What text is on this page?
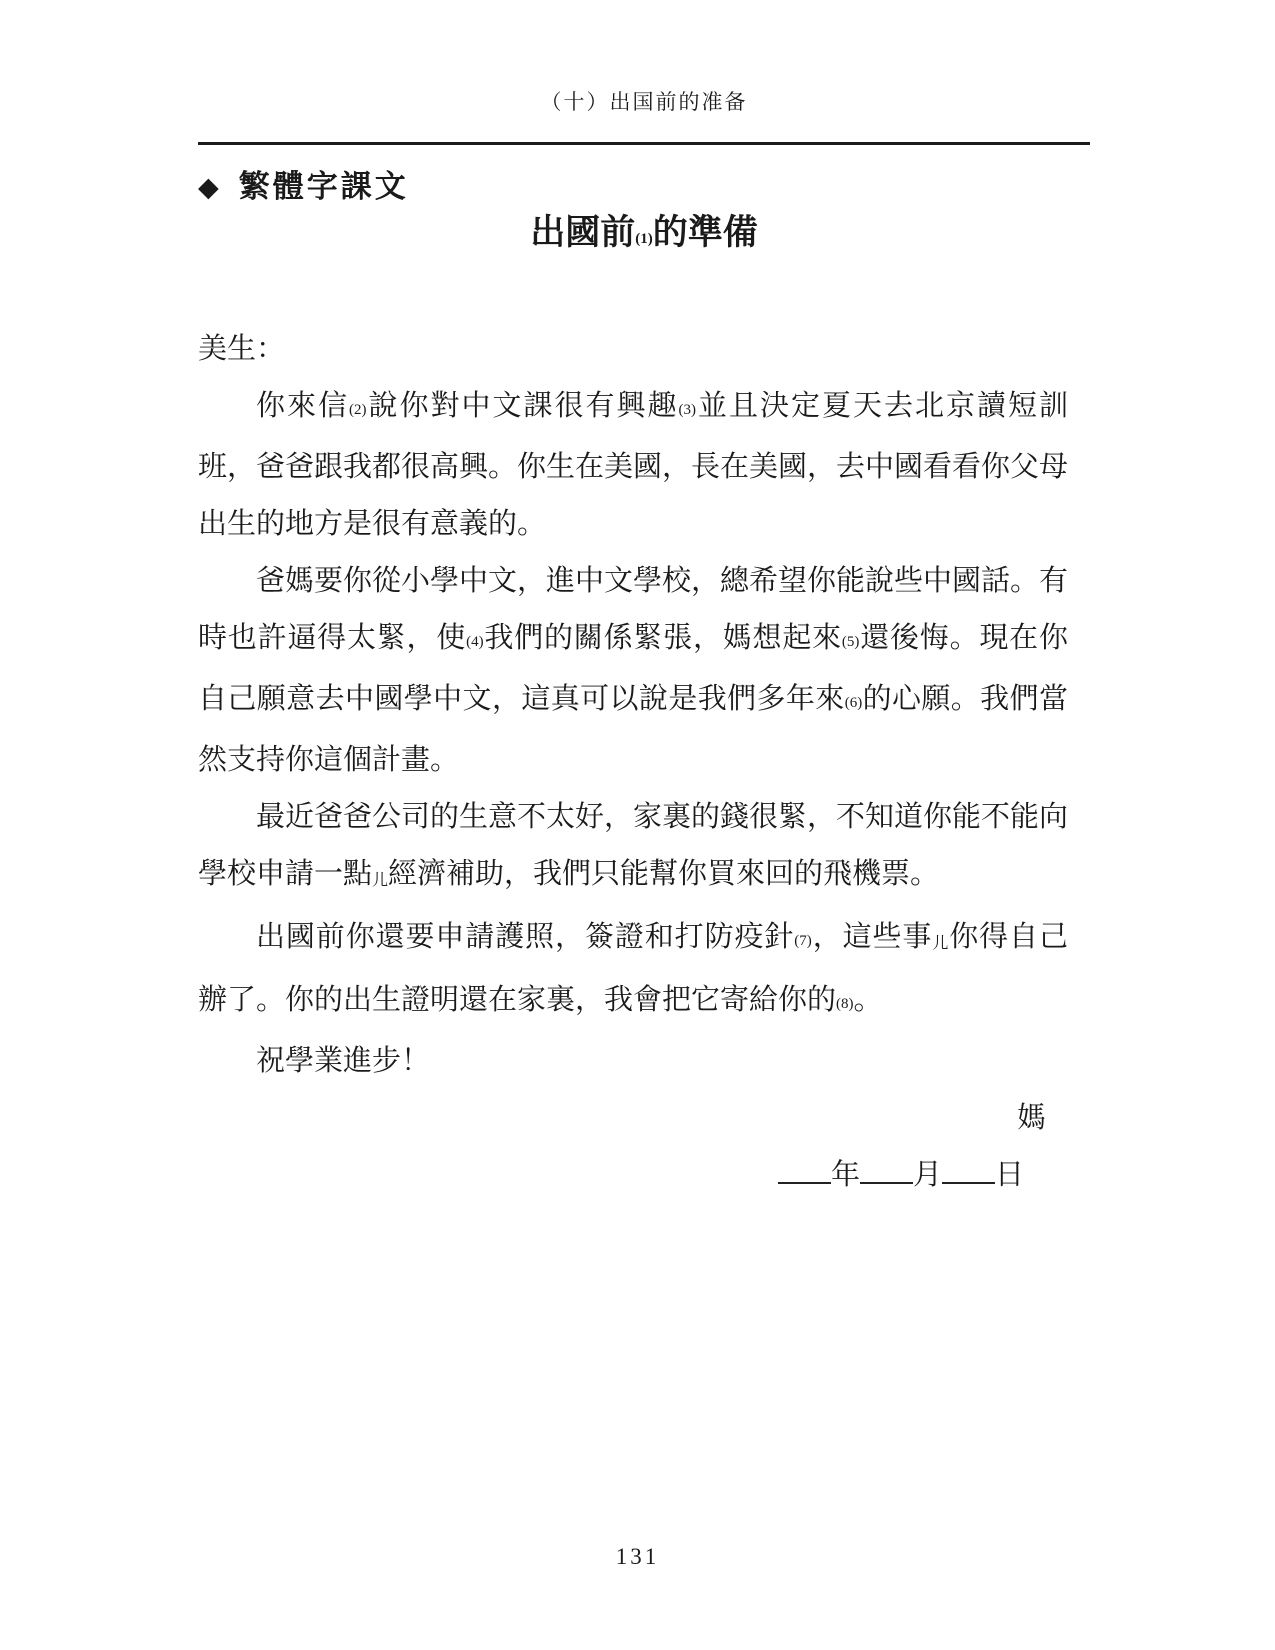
（十）出国前的准备
◆ 繁體字課文
出國前(1)的準備

美生：

你來信(2)說你對中文課很有興趣(3)並且決定夏天去北京讀短訓班，爸爸跟我都很高興。你生在美國，長在美國，去中國看看你父母出生的地方是很有意義的。

爸媽要你從小學中文，進中文學校，總希望你能說些中國話。有時也許逼得太緊，使(4)我們的關係緊張，媽想起來(5)還後悔。現在你自己願意去中國學中文，這真可以說是我們多年來(6)的心願。我們當然支持你這個計畫。

最近爸爸公司的生意不太好，家裏的錢很緊，不知道你能不能向學校申請一點儿經濟補助，我們只能幫你買來回的飛機票。

出國前你還要申請護照，簽證和打防疫針(7)，這些事儿你得自己辦了。你的出生證明還在家裏，我會把它寄給你的(8)。

祝學業進步！

媽

年 月 日

131
